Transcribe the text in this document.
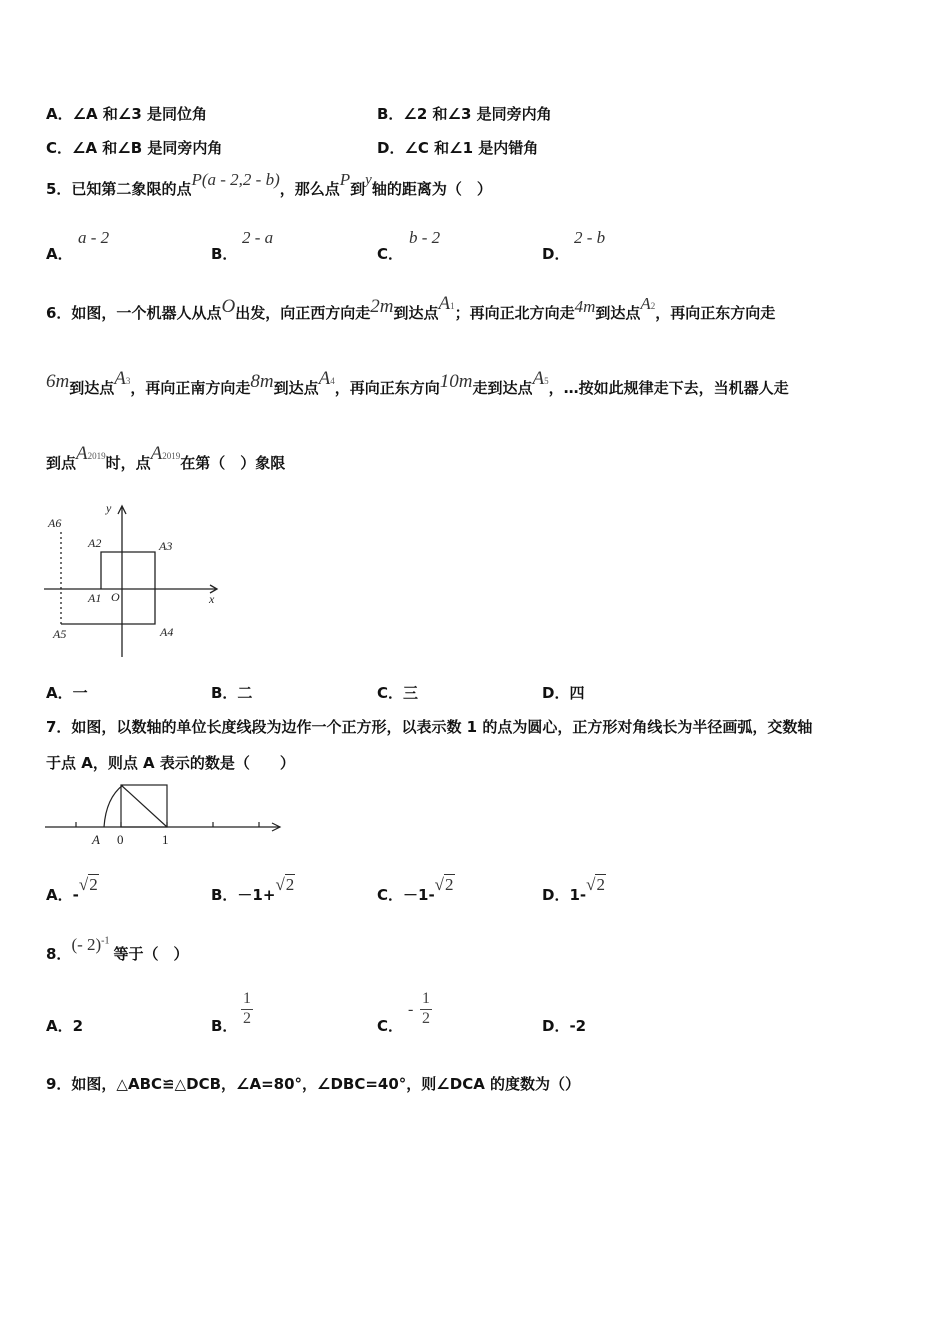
A．∠A 和∠3 是同位角	B．∠2 和∠3 是同旁内角
C．∠A 和∠B 是同旁内角	D．∠C 和∠1 是内错角
5．已知第二象限的点P(a - 2,2 - b)，那么点P到y轴的距离为（　）
A．
a - 2
B．
2 - a
C．
b - 2
D．
2 - b
6．如图，一个机器人从点O出发，向正西方向走2m到达点A1；再向正北方向走4m到达点A2，再向正东方向走
6m到达点A3，再向正南方向走8m到达点A4，再向正东方向10m走到达点A5，…按如此规律走下去，当机器人走
到点A2019时，点A2019在第（　）象限
A6
A2	A3
A1 O	x
y
A5	A4
A．一	B．二	C．三	D．四
7．如图，以数轴的单位长度线段为边作一个正方形，以表示数 1 的点为圆心，正方形对角线长为半径画弧，交数轴
于点 A，则点 A 表示的数是（　　）
A 0	1
A．-√2
B．－1+√2
C．－1-√2
D．1-√2
8．(- 2)$^{-1}$等于（　）
A．2	B． $\frac{1}{2}$	C．
- $\frac{1}{2}$	D．-2
9．如图，△ABC≌△DCB，∠A=80°，∠DBC=40°，则∠DCA 的度数为（）
